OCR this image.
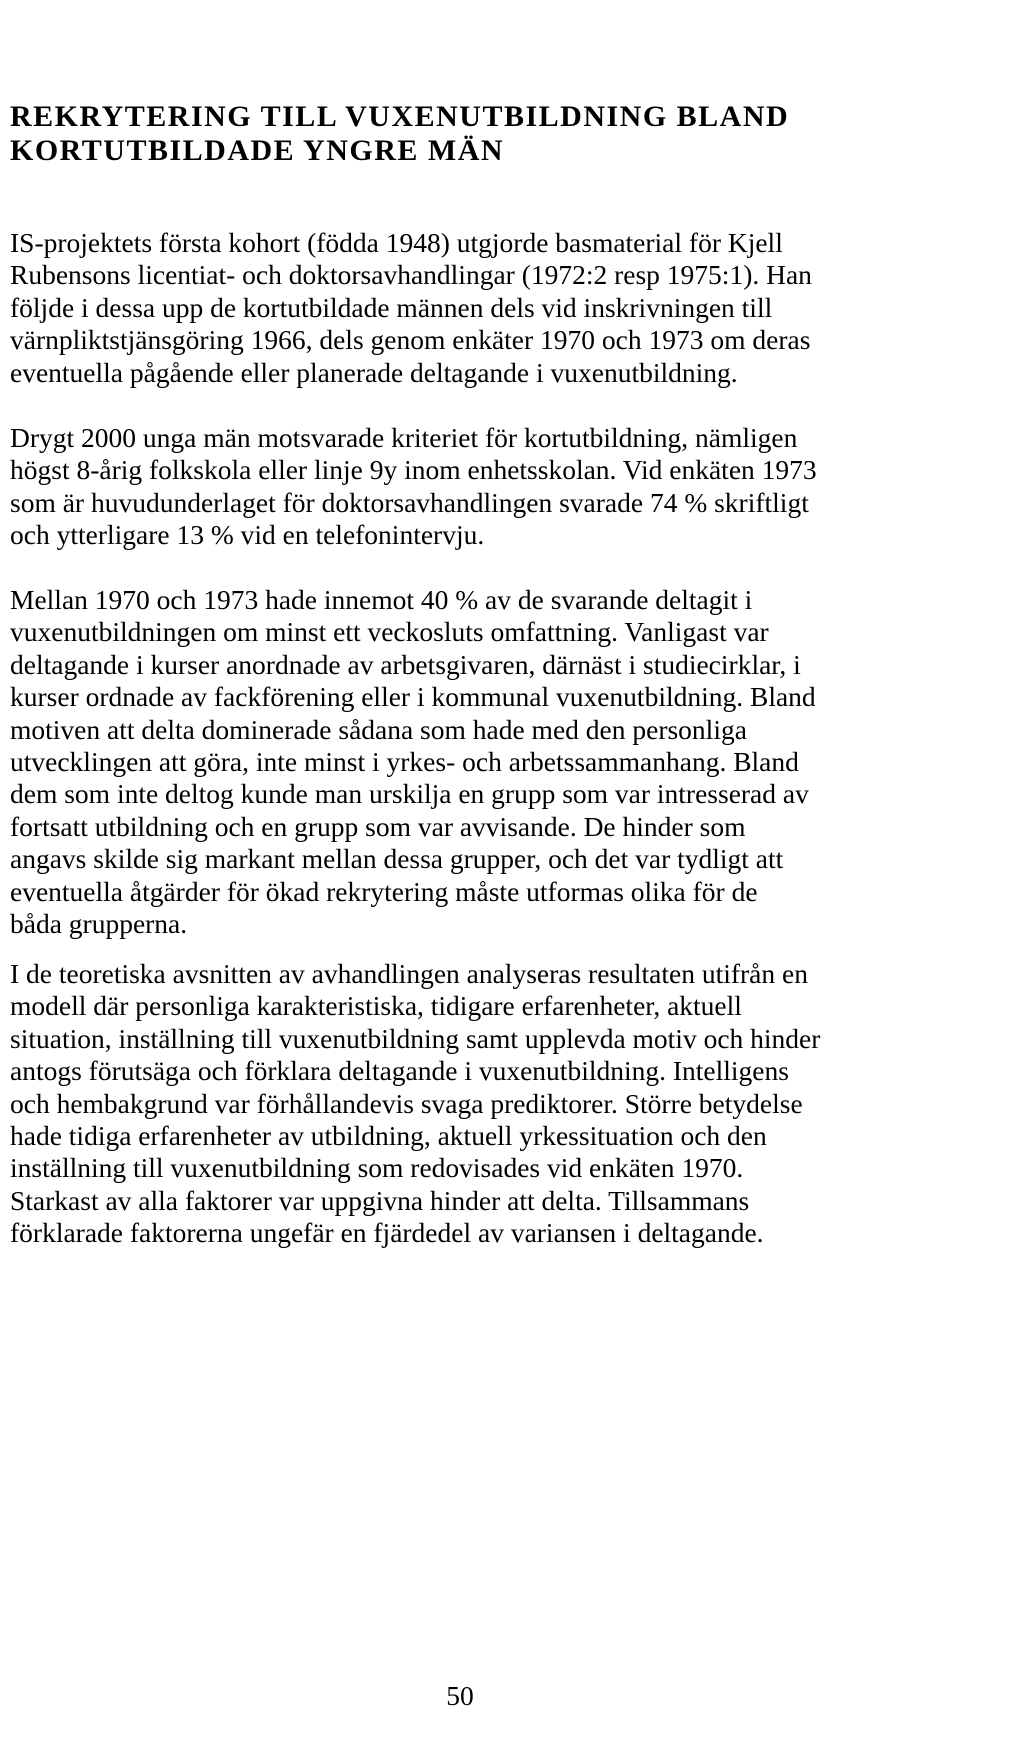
REKRYTERING TILL VUXENUTBILDNING BLAND
KORTUTBILDADE YNGRE MÄN

IS-projektets första kohort (födda 1948) utgjorde basmaterial för Kjell
Rubensons licentiat- och doktorsavhandlingar (1972:2 resp 1975:1). Han
följde i dessa upp de kortutbildade männen dels vid inskrivningen till
värnpliktstjänsgöring 1966, dels genom enkäter 1970 och 1973 om deras
eventuella pågående eller planerade deltagande i vuxenutbildning.

Drygt 2000 unga män motsvarade kriteriet för kortutbildning, nämligen
högst 8-årig folkskola eller linje 9y inom enhetsskolan. Vid enkäten 1973
som är huvudunderlaget för doktorsavhandlingen svarade 74 % skriftligt
och ytterligare 13 % vid en telefonintervju.

Mellan 1970 och 1973 hade innemot 40 % av de svarande deltagit i
vuxenutbildningen om minst ett veckosluts omfattning. Vanligast var
deltagande i kurser anordnade av arbetsgivaren, därnäst i studiecirklar, i
kurser ordnade av fackförening eller i kommunal vuxenutbildning. Bland
motiven att delta dominerade sådana som hade med den personliga
utvecklingen att göra, inte minst i yrkes- och arbetssammanhang. Bland
dem som inte deltog kunde man urskilja en grupp som var intresserad av
fortsatt utbildning och en grupp som var avvisande. De hinder som
angavs skilde sig markant mellan dessa grupper, och det var tydligt att
eventuella åtgärder för ökad rekrytering måste utformas olika för de
båda grupperna.

I de teoretiska avsnitten av avhandlingen analyseras resultaten utifrån en
modell där personliga karakteristiska, tidigare erfarenheter, aktuell
situation, inställning till vuxenutbildning samt upplevda motiv och hinder
antogs förutsäga och förklara deltagande i vuxenutbildning. Intelligens
och hembakgrund var förhållandevis svaga prediktorer. Större betydelse
hade tidiga erfarenheter av utbildning, aktuell yrkessituation och den
inställning till vuxenutbildning som redovisades vid enkäten 1970.
Starkast av alla faktorer var uppgivna hinder att delta. Tillsammans
förklarade faktorerna ungefär en fjärdedel av variansen i deltagande.

50
